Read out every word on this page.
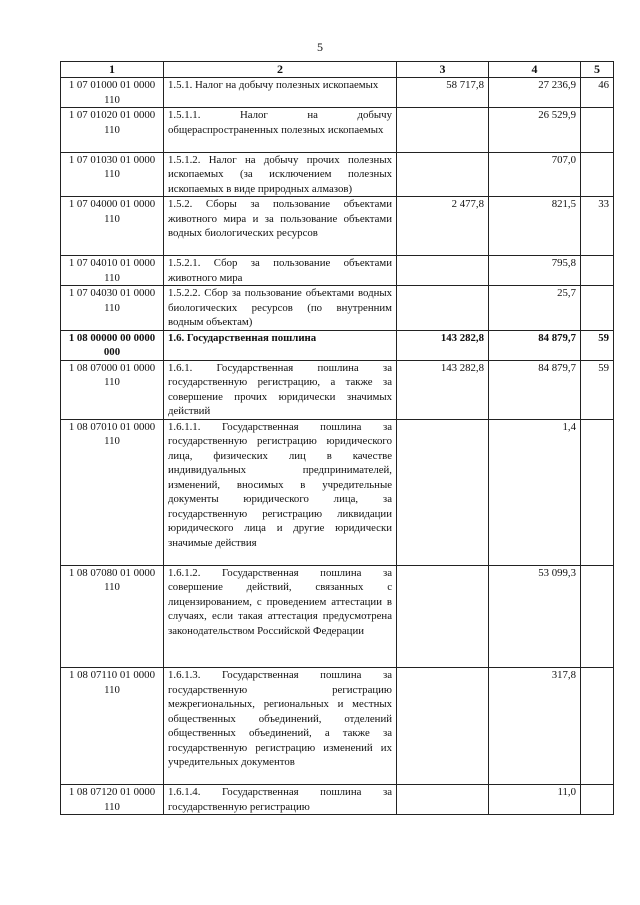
5
1	2	3	4	5
1 07 01000 01 0000 110	1.5.1. Налог на добычу полезных ископаемых	58 717,8	27 236,9	46
1 07 01020 01 0000 110	1.5.1.1. Налог на добычу общераспространенных полезных ископаемых		26 529,9	
1 07 01030 01 0000 110	1.5.1.2. Налог на добычу прочих полезных ископаемых (за исключением полезных ископаемых в виде природных алмазов)		707,0	
1 07 04000 01 0000 110	1.5.2. Сборы за пользование объектами животного мира и за пользование объектами водных биологических ресурсов	2 477,8	821,5	33
1 07 04010 01 0000 110	1.5.2.1. Сбор за пользование объектами животного мира		795,8	
1 07 04030 01 0000 110	1.5.2.2. Сбор за пользование объектами водных биологических ресурсов (по внутренним водным объектам)		25,7	
1 08 00000 00 0000 000	1.6. Государственная пошлина	143 282,8	84 879,7	59
1 08 07000 01 0000 110	1.6.1. Государственная пошлина за государственную регистрацию, а также за совершение прочих юридически значимых действий	143 282,8	84 879,7	59
1 08 07010 01 0000 110	1.6.1.1. Государственная пошлина за государственную регистрацию юридического лица, физических лиц в качестве индивидуальных предпринимателей, изменений, вносимых в учредительные документы юридического лица, за государственную регистрацию ликвидации юридического лица и другие юридически значимые действия		1,4	
1 08 07080 01 0000 110	1.6.1.2. Государственная пошлина за совершение действий, связанных с лицензированием, с проведением аттестации в случаях, если такая аттестация предусмотрена законодательством Российской Федерации		53 099,3	
1 08 07110 01 0000 110	1.6.1.3. Государственная пошлина за государственную регистрацию межрегиональных, региональных и местных общественных объединений, отделений общественных объединений, а также за государственную регистрацию изменений их учредительных документов		317,8	
1 08 07120 01 0000 110	1.6.1.4. Государственная пошлина за государственную регистрацию		11,0	
